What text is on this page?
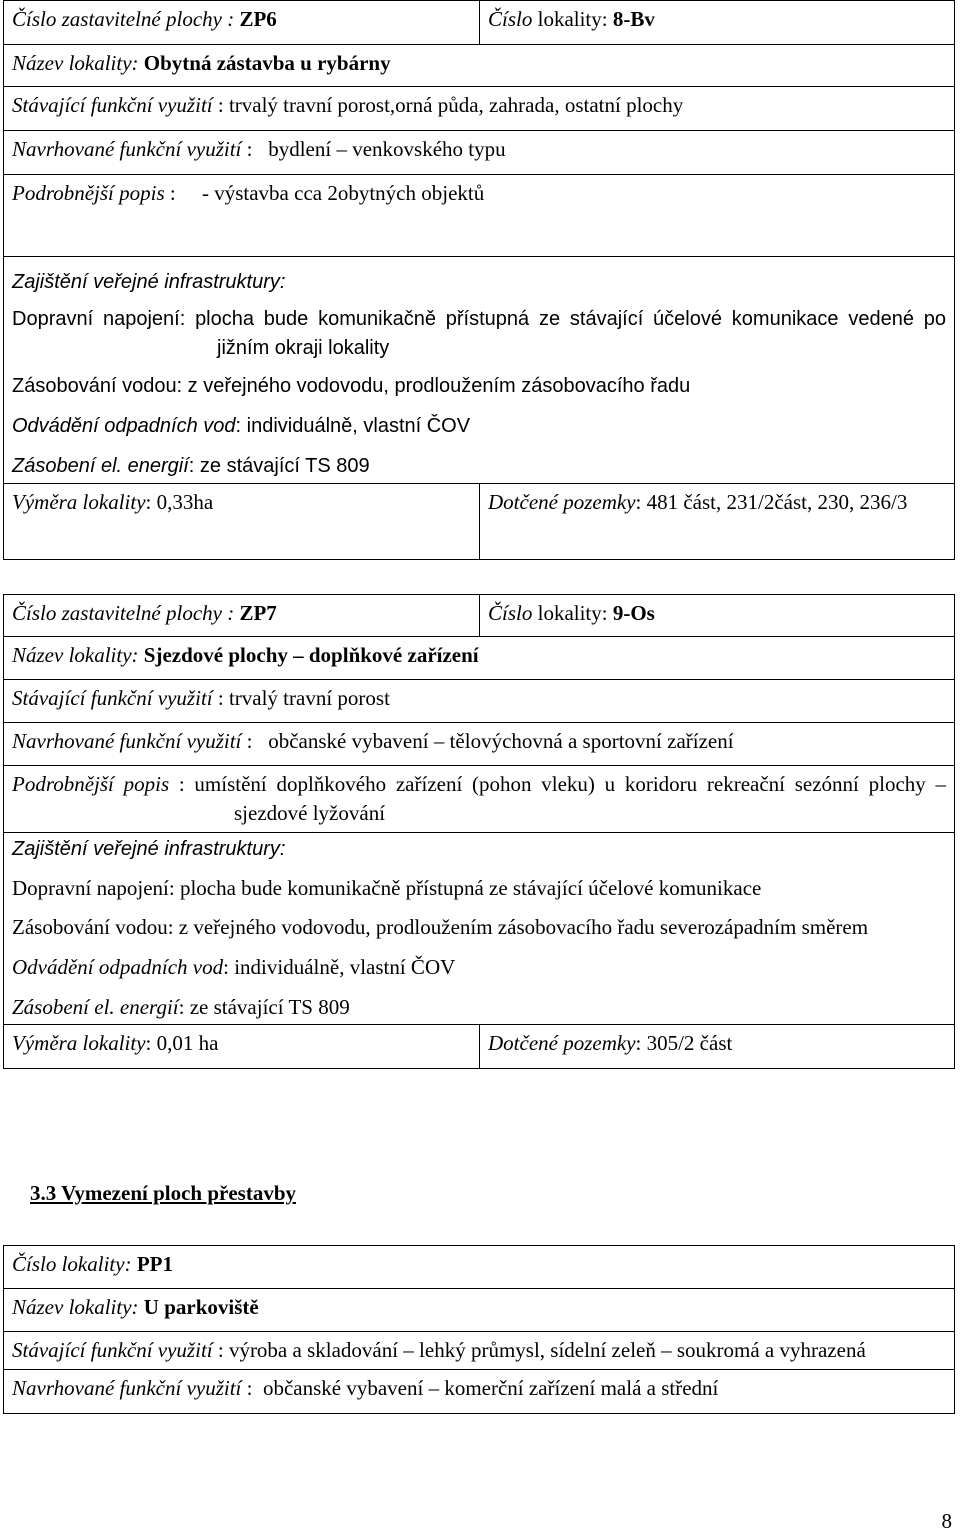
Číslo zastavitelné plochy : ZP6	Číslo lokality: 8-Bv
Název lokality: Obytná zástavba u rybárny	
Stávající funkční využití : trvalý travní porost,orná půda, zahrada, ostatní plochy	
Navrhované funkční využití :   bydlení – venkovského typu	
Podrobnější popis :     - výstavba cca 2obytných objektů	

Zajištění veřejné infrastruktury:
Dopravní napojení: plocha bude komunikačně přístupná ze stávající účelové komunikace vedené po jižním okraji lokality
Zásobování vodou: z veřejného vodovodu, prodloužením zásobovacího řadu
Odvádění odpadních vod: individuálně, vlastní ČOV
Zásobení el. energií: ze stávající TS 809	

Výměra lokality: 0,33ha	Dotčené pozemky: 481 část, 231/2část, 230, 236/3
Číslo zastavitelné plochy : ZP7	Číslo lokality: 9-Os
Název lokality: Sjezdové plochy – doplňkové zařízení	
Stávající funkční využití : trvalý travní porost	
Navrhované funkční využití :   občanské vybavení – tělovýchovná a sportovní zařízení	
Podrobnější popis : umístění doplňkového zařízení (pohon vleku) u koridoru rekreační sezónní plochy – sjezdové lyžování	

Zajištění veřejné infrastruktury:
Dopravní napojení: plocha bude komunikačně přístupná ze stávající účelové komunikace
Zásobování vodou: z veřejného vodovodu, prodloužením zásobovacího řadu severozápadním směrem
Odvádění odpadních vod: individuálně, vlastní ČOV
Zásobení el. energií: ze stávající TS 809	

Výměra lokality: 0,01 ha	Dotčené pozemky: 305/2 část
3.3 Vymezení ploch přestavby
Číslo lokality: PP1
Název lokality: U parkoviště
Stávající funkční využití : výroba a skladování – lehký průmysl, sídelní zeleň – soukromá a vyhrazená
Navrhované funkční využití :  občanské vybavení – komerční zařízení malá a střední
8
